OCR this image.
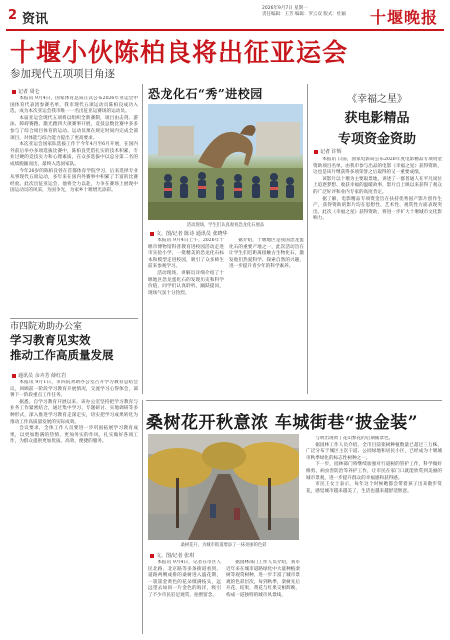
2 资讯
2026年9月7日 星期一
责任编辑：王芳 编辑：罗云双 版式：杜颖	十堰晚报
十堰小伙陈柏良将出征亚运会
参加现代五项项目角逐
记者 周仑

本报讯 9月4日，国家体育总局正式公布2026年亚运会中国体育代表团参赛名单，我市现代五项运动员陈柏良成功入选，成为本次亚运会我市唯一一名出征亚运赛场的运动员。

本届亚运会现代五项将以组织全新赛制，项目由击剑、游泳、障碍赛跑、激光跑四大项赛事开展，竞技总数比赛中多多参与了综合项目体育的运动。运动员须在规定时间内完成全部项目，对体能与综合能力提出了更高要求。

本次亚运会国家队选拔工作于今年4月至6月开展，在国内外前后举办多项选拔比赛中，陈柏良凭借扎实的技术积累，专业过硬的竞技实力和心理素质，在众多选拔中以总分第二名的成绩脱颖而出，最终入选国家队。

今年26岁的陈柏良曾在首都体育学院学习，后来选择专业从事现代五项运动，多年来在国内外赛事中积累了丰富的比赛经验。此次出征亚运会，他将全力以赴，力争在赛场上展现中国运动员的风采，为国争光，为家乡十堰增光添彩。

恐龙化石“秀”进校园
活动现场，学生们认真观看恐龙化石展品
文、图/记者 陈诗 通讯员 张晓华

本报讯 9月4日上午，2026年十堰市博物馆科普教育进校园活动走进市实验小学，一批精美的恐龙化石标本和模型走进校园，吸引了众多师生前来参观学习。

活动现场，讲解员详细介绍了十堰地区恐龙蛋化石的发现历史和科学价值，同学们认真聆听、踊跃提问，现场气氛十分热烈。

据介绍，十堰地区是我国恐龙蛋化石的重要产地之一，此次活动旨在让学生们近距离接触古生物化石，激发他们热爱科学、探索自然的兴趣，进一步提升青少年的科学素养。

《幸福之星》
获电影精品
专项资金资助
记者 许辉

本报讯 日前，国家电影局公布2026年度电影精品专项资金资助项目名单，由我市参与出品的电影《幸福之星》获得资助，这也是该片继获得多项荣誉之后取得的又一重要成绩。

该影片以十堰为主要取景地，讲述了一群普通人在平凡岗位上追逐梦想、收获幸福的温暖故事，影片自上映以来获得了观众的广泛好评和业内专家的高度肯定。

据了解，电影精品专项资金旨在扶持优秀国产影片创作生产，获得资助的影片均在思想性、艺术性、观赏性方面表现突出。此次《幸福之星》获得资助，将进一步扩大十堰城市文化影响力。

市四院劝助办公室
学习教育见实效
推动工作高质量发展
通讯员 余卉芳 薛红岩

本报讯 9月1日，市四院劝助办公室召开学习教育总结会议，回顾前一阶段学习教育开展情况，交流学习心得体会，部署下一阶段重点工作任务。

据悉，自学习教育开展以来，该办公室坚持把学习教育与业务工作紧密结合，通过集中学习、专题研讨、实地调研等多种形式，深入推进学习教育走深走实，切实把学习成果转化为推动工作高质量发展的实际成效。

会议要求，全体工作人员要进一步巩固拓展学习教育成果，以更加饱满的热情、更加务实的作风，扎实做好各项工作，为群众提供更加优质、高效、便捷的服务。

桑树花开秋意浓 车城街巷“披金装”
桑树花开，为城市街道增添了一抹亮丽的色彩
文、图/记者 张琪

本报讯 9月4日，记者在市区人民北路、北京路等多条街道看到，道路两侧成排的桑树进入盛花期，一簇簇金黄色的花朵缀满枝头，远远望去如同一片金色的海洋，吸引了不少市民驻足观赏、拍照留念。

据园林部门工作人员介绍，我市近年来在城市道路绿化中大量种植栾树等观赏树种，进一步丰富了城市景观的色彩层次，每到秋季，栾树先后开花、结果，黄花与红果交相辉映，构成一道独特的城市风景线。

与明出现黄丁花山繁花的后期铺景色。

据园林工作人员介绍，全市目前栾树种植数量已超过三万株，广泛分布于城区主次干道、公园绿地和居民小区，已经成为十堰城市秋季绿化的标志性树种之一。

下一步，园林部门将继续加强对行道树的管护工作，科学做好修剪、病虫害防治等养护工作，让市民在家门口就能欣赏到美丽的城市景观，进一步提升群众的幸福感和获得感。

市民王女士表示，每年这个时候她都会带着孩子出来散步赏花，感觉城市越来越美了，生活也越来越舒适惬意。
